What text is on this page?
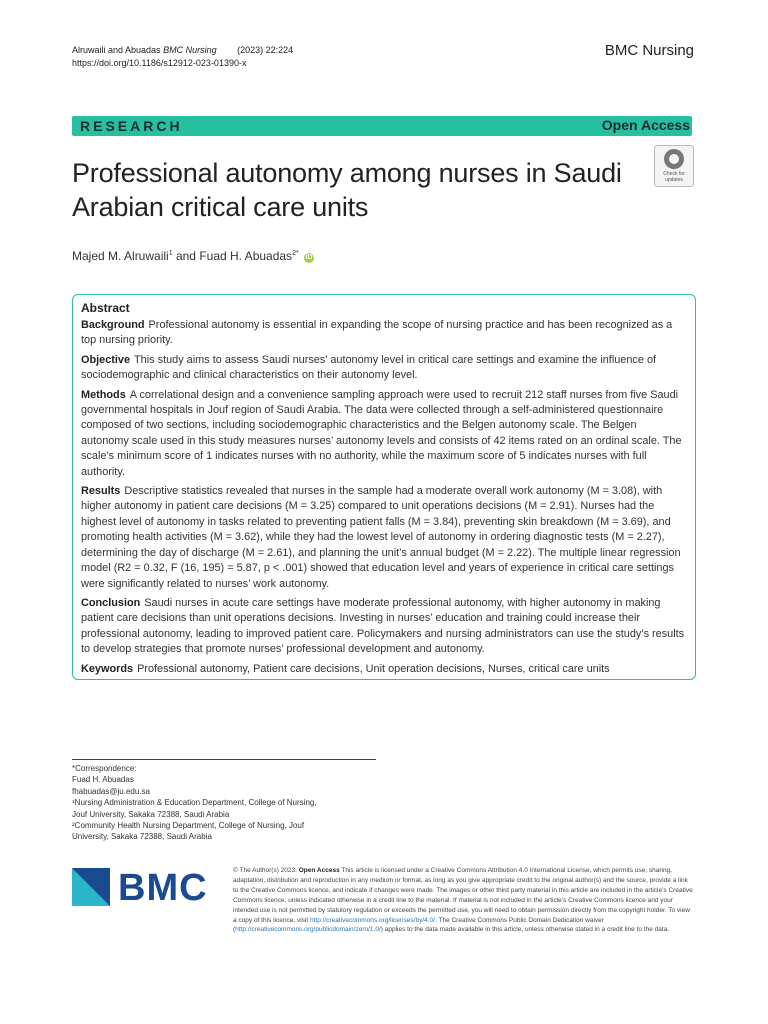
Alruwaili and Abuadas BMC Nursing (2023) 22:224
https://doi.org/10.1186/s12912-023-01390-x
BMC Nursing
RESEARCH	Open Access
Professional autonomy among nurses in Saudi Arabian critical care units
Check for updates
Majed M. Alruwaili$^1$ and Fuad H. Abuadas$^{2*}$ iD
Abstract

Background Professional autonomy is essential in expanding the scope of nursing practice and has been recognized as a top nursing priority.

Objective This study aims to assess Saudi nurses’ autonomy level in critical care settings and examine the influence of sociodemographic and clinical characteristics on their autonomy level.

Methods A correlational design and a convenience sampling approach were used to recruit 212 staff nurses from five Saudi governmental hospitals in Jouf region of Saudi Arabia. The data were collected through a self-administered questionnaire composed of two sections, including sociodemographic characteristics and the Belgen autonomy scale. The Belgen autonomy scale used in this study measures nurses’ autonomy levels and consists of 42 items rated on an ordinal scale. The scale’s minimum score of 1 indicates nurses with no authority, while the maximum score of 5 indicates nurses with full authority.

Results Descriptive statistics revealed that nurses in the sample had a moderate overall work autonomy (M = 3.08), with higher autonomy in patient care decisions (M = 3.25) compared to unit operations decisions (M = 2.91). Nurses had the highest level of autonomy in tasks related to preventing patient falls (M = 3.84), preventing skin breakdown (M = 3.69), and promoting health activities (M = 3.62), while they had the lowest level of autonomy in ordering diagnostic tests (M = 2.27), determining the day of discharge (M = 2.61), and planning the unit’s annual budget (M = 2.22). The multiple linear regression model (R2 = 0.32, F (16, 195) = 5.87, p < .001) showed that education level and years of experience in critical care settings were significantly related to nurses’ work autonomy.

Conclusion Saudi nurses in acute care settings have moderate professional autonomy, with higher autonomy in making patient care decisions than unit operations decisions. Investing in nurses’ education and training could increase their professional autonomy, leading to improved patient care. Policymakers and nursing administrators can use the study’s results to develop strategies that promote nurses’ professional development and autonomy.

Keywords Professional autonomy, Patient care decisions, Unit operation decisions, Nurses, critical care units

*Correspondence:
Fuad H. Abuadas
fhabuadas@ju.edu.sa
¹Nursing Administration & Education Department, College of Nursing,
Jouf University, Sakaka 72388, Saudi Arabia
²Community Health Nursing Department, College of Nursing, Jouf
University, Sakaka 72388, Saudi Arabia
BMC	© The Author(s) 2023. Open Access This article is licensed under a Creative Commons Attribution 4.0 International License, which permits use, sharing, adaptation, distribution and reproduction in any medium or format, as long as you give appropriate credit to the original author(s) and the source, provide a link to the Creative Commons licence, and indicate if changes were made. The images or other third party material in this article are included in the article’s Creative Commons licence, unless indicated otherwise in a credit line to the material. If material is not included in the article’s Creative Commons licence and your intended use is not permitted by statutory regulation or exceeds the permitted use, you will need to obtain permission directly from the copyright holder. To view a copy of this licence, visit http://creativecommons.org/licenses/by/4.0/. The Creative Commons Public Domain Dedication waiver (http://creativecommons.org/publicdomain/zero/1.0/) applies to the data made available in this article, unless otherwise stated in a credit line to the data.
